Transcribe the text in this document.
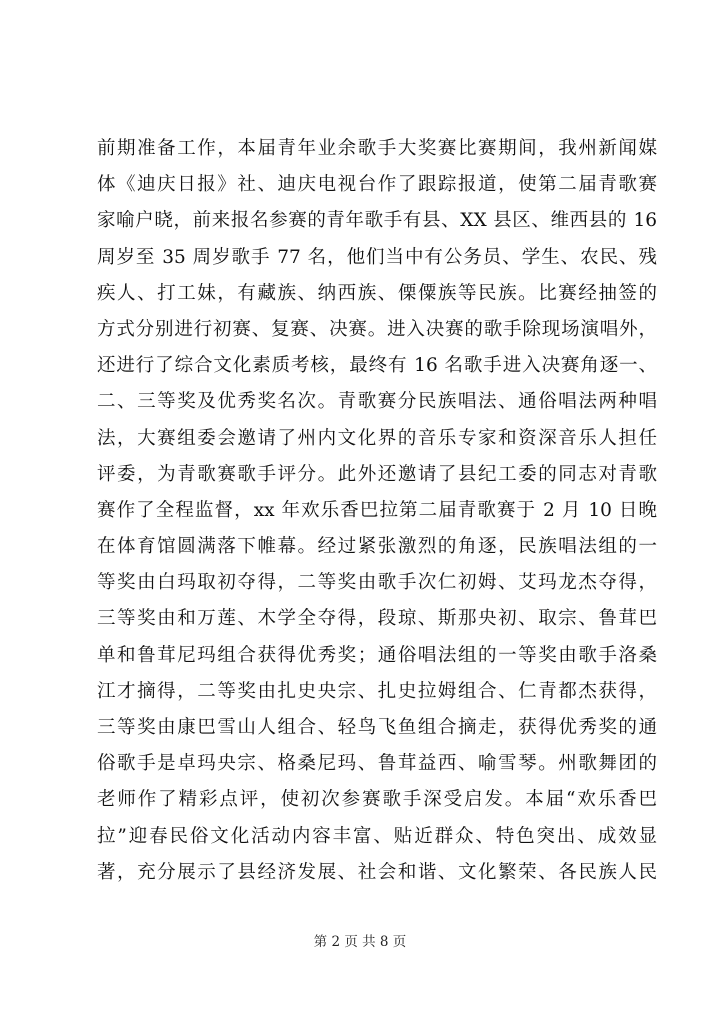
前期准备工作，本届青年业余歌手大奖赛比赛期间，我州新闻媒
体《迪庆日报》社、迪庆电视台作了跟踪报道，使第二届青歌赛
家喻户晓，前来报名参赛的青年歌手有县、XX 县区、维西县的 16
周岁至 35 周岁歌手 77 名，他们当中有公务员、学生、农民、残
疾人、打工妹，有藏族、纳西族、傈僳族等民族。比赛经抽签的
方式分别进行初赛、复赛、决赛。进入决赛的歌手除现场演唱外，
还进行了综合文化素质考核，最终有 16 名歌手进入决赛角逐一、
二、三等奖及优秀奖名次。青歌赛分民族唱法、通俗唱法两种唱
法，大赛组委会邀请了州内文化界的音乐专家和资深音乐人担任
评委，为青歌赛歌手评分。此外还邀请了县纪工委的同志对青歌
赛作了全程监督，xx 年欢乐香巴拉第二届青歌赛于 2 月 10 日晚
在体育馆圆满落下帷幕。经过紧张激烈的角逐，民族唱法组的一
等奖由白玛取初夺得，二等奖由歌手次仁初姆、艾玛龙杰夺得，
三等奖由和万莲、木学全夺得，段琼、斯那央初、取宗、鲁茸巴
单和鲁茸尼玛组合获得优秀奖；通俗唱法组的一等奖由歌手洛桑
江才摘得，二等奖由扎史央宗、扎史拉姆组合、仁青都杰获得，
三等奖由康巴雪山人组合、轻鸟飞鱼组合摘走，获得优秀奖的通
俗歌手是卓玛央宗、格桑尼玛、鲁茸益西、喻雪琴。州歌舞团的
老师作了精彩点评，使初次参赛歌手深受启发。本届“欢乐香巴
拉”迎春民俗文化活动内容丰富、贴近群众、特色突出、成效显
著，充分展示了县经济发展、社会和谐、文化繁荣、各民族人民
第 2 页 共 8 页
